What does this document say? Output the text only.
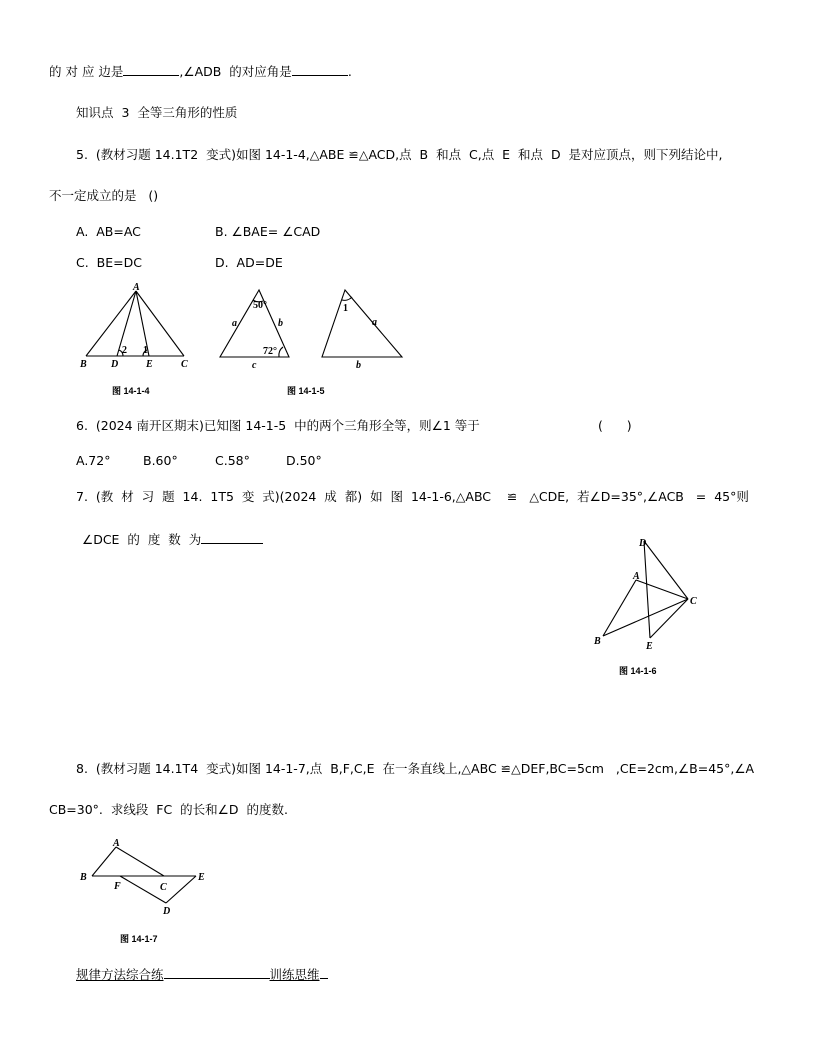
的 对 应 边是	,∠ADB  的对应角是	.
知识点  3  全等三角形的性质
5.  (教材习题 14.1T2  变式)如图 14-1-4,△ABE ≌△ACD,点  B  和点  C,点  E  和点  D  是对应顶点，则下列结论中,
不一定成立的是   ()
A.  AB=AC	B. ∠BAE= ∠CAD
C.  BE=DC	D.  AD=DE
A
B D	E	C
2 1
图 14-1-4
50°
72°
a	b
c
1
a
b
图 14-1-5
6.  (2024 南开区期末)已知图 14-1-5  中的两个三角形全等，则∠1 等于	(      )
A.72°	B.60°	C.58°	D.50°
7.  (教  材  习  题  14.  1T5  变  式)(2024  成  都)  如  图  14-1-6,△ABC    ≌   △CDE,  若∠D=35°,∠ACB   =  45°则
∠DCE  的  度  数  为	D
A
C
B	E
图 14-1-6
8.  (教材习题 14.1T4  变式)如图 14-1-7,点  B,F,C,E  在一条直线上,△ABC ≌△DEF,BC=5cm   ,CE=2cm,∠B=45°,∠A
CB=30°.  求线段  FC  的长和∠D  的度数.
A
B
F	C
E
D
图 14-1-7
规律方法综合练	训练思维
